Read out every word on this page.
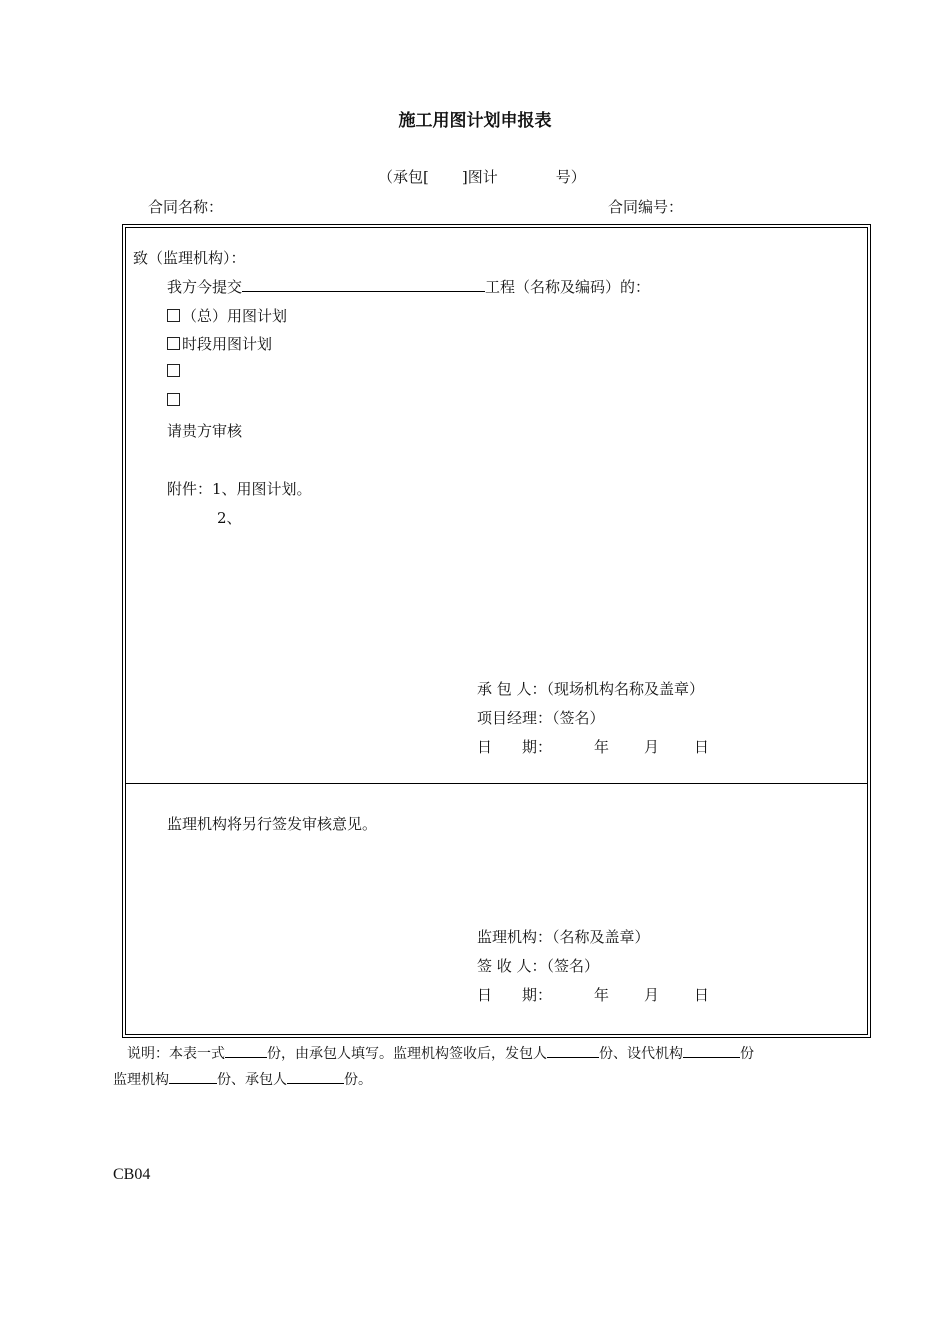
施工用图计划申报表
（承包[ ]图计	号）
合同名称：	合同编号：
致（监理机构）：
我方今提交	工程（名称及编码）的：
（总）用图计划
时段用图计划
请贵方审核
附件：1、用图计划。
2、
承 包 人：（现场机构名称及盖章）
项目经理：（签名）
日　　期：	年 月 日
监理机构将另行签发审核意见。
监理机构：（名称及盖章）
签 收 人：（签名）
日　　期：	年 月 日
说明：本表一式	份，由承包人填写。监理机构签收后，发包人	份、设代机构	份
监理机构	份、承包人	份。
CB04
